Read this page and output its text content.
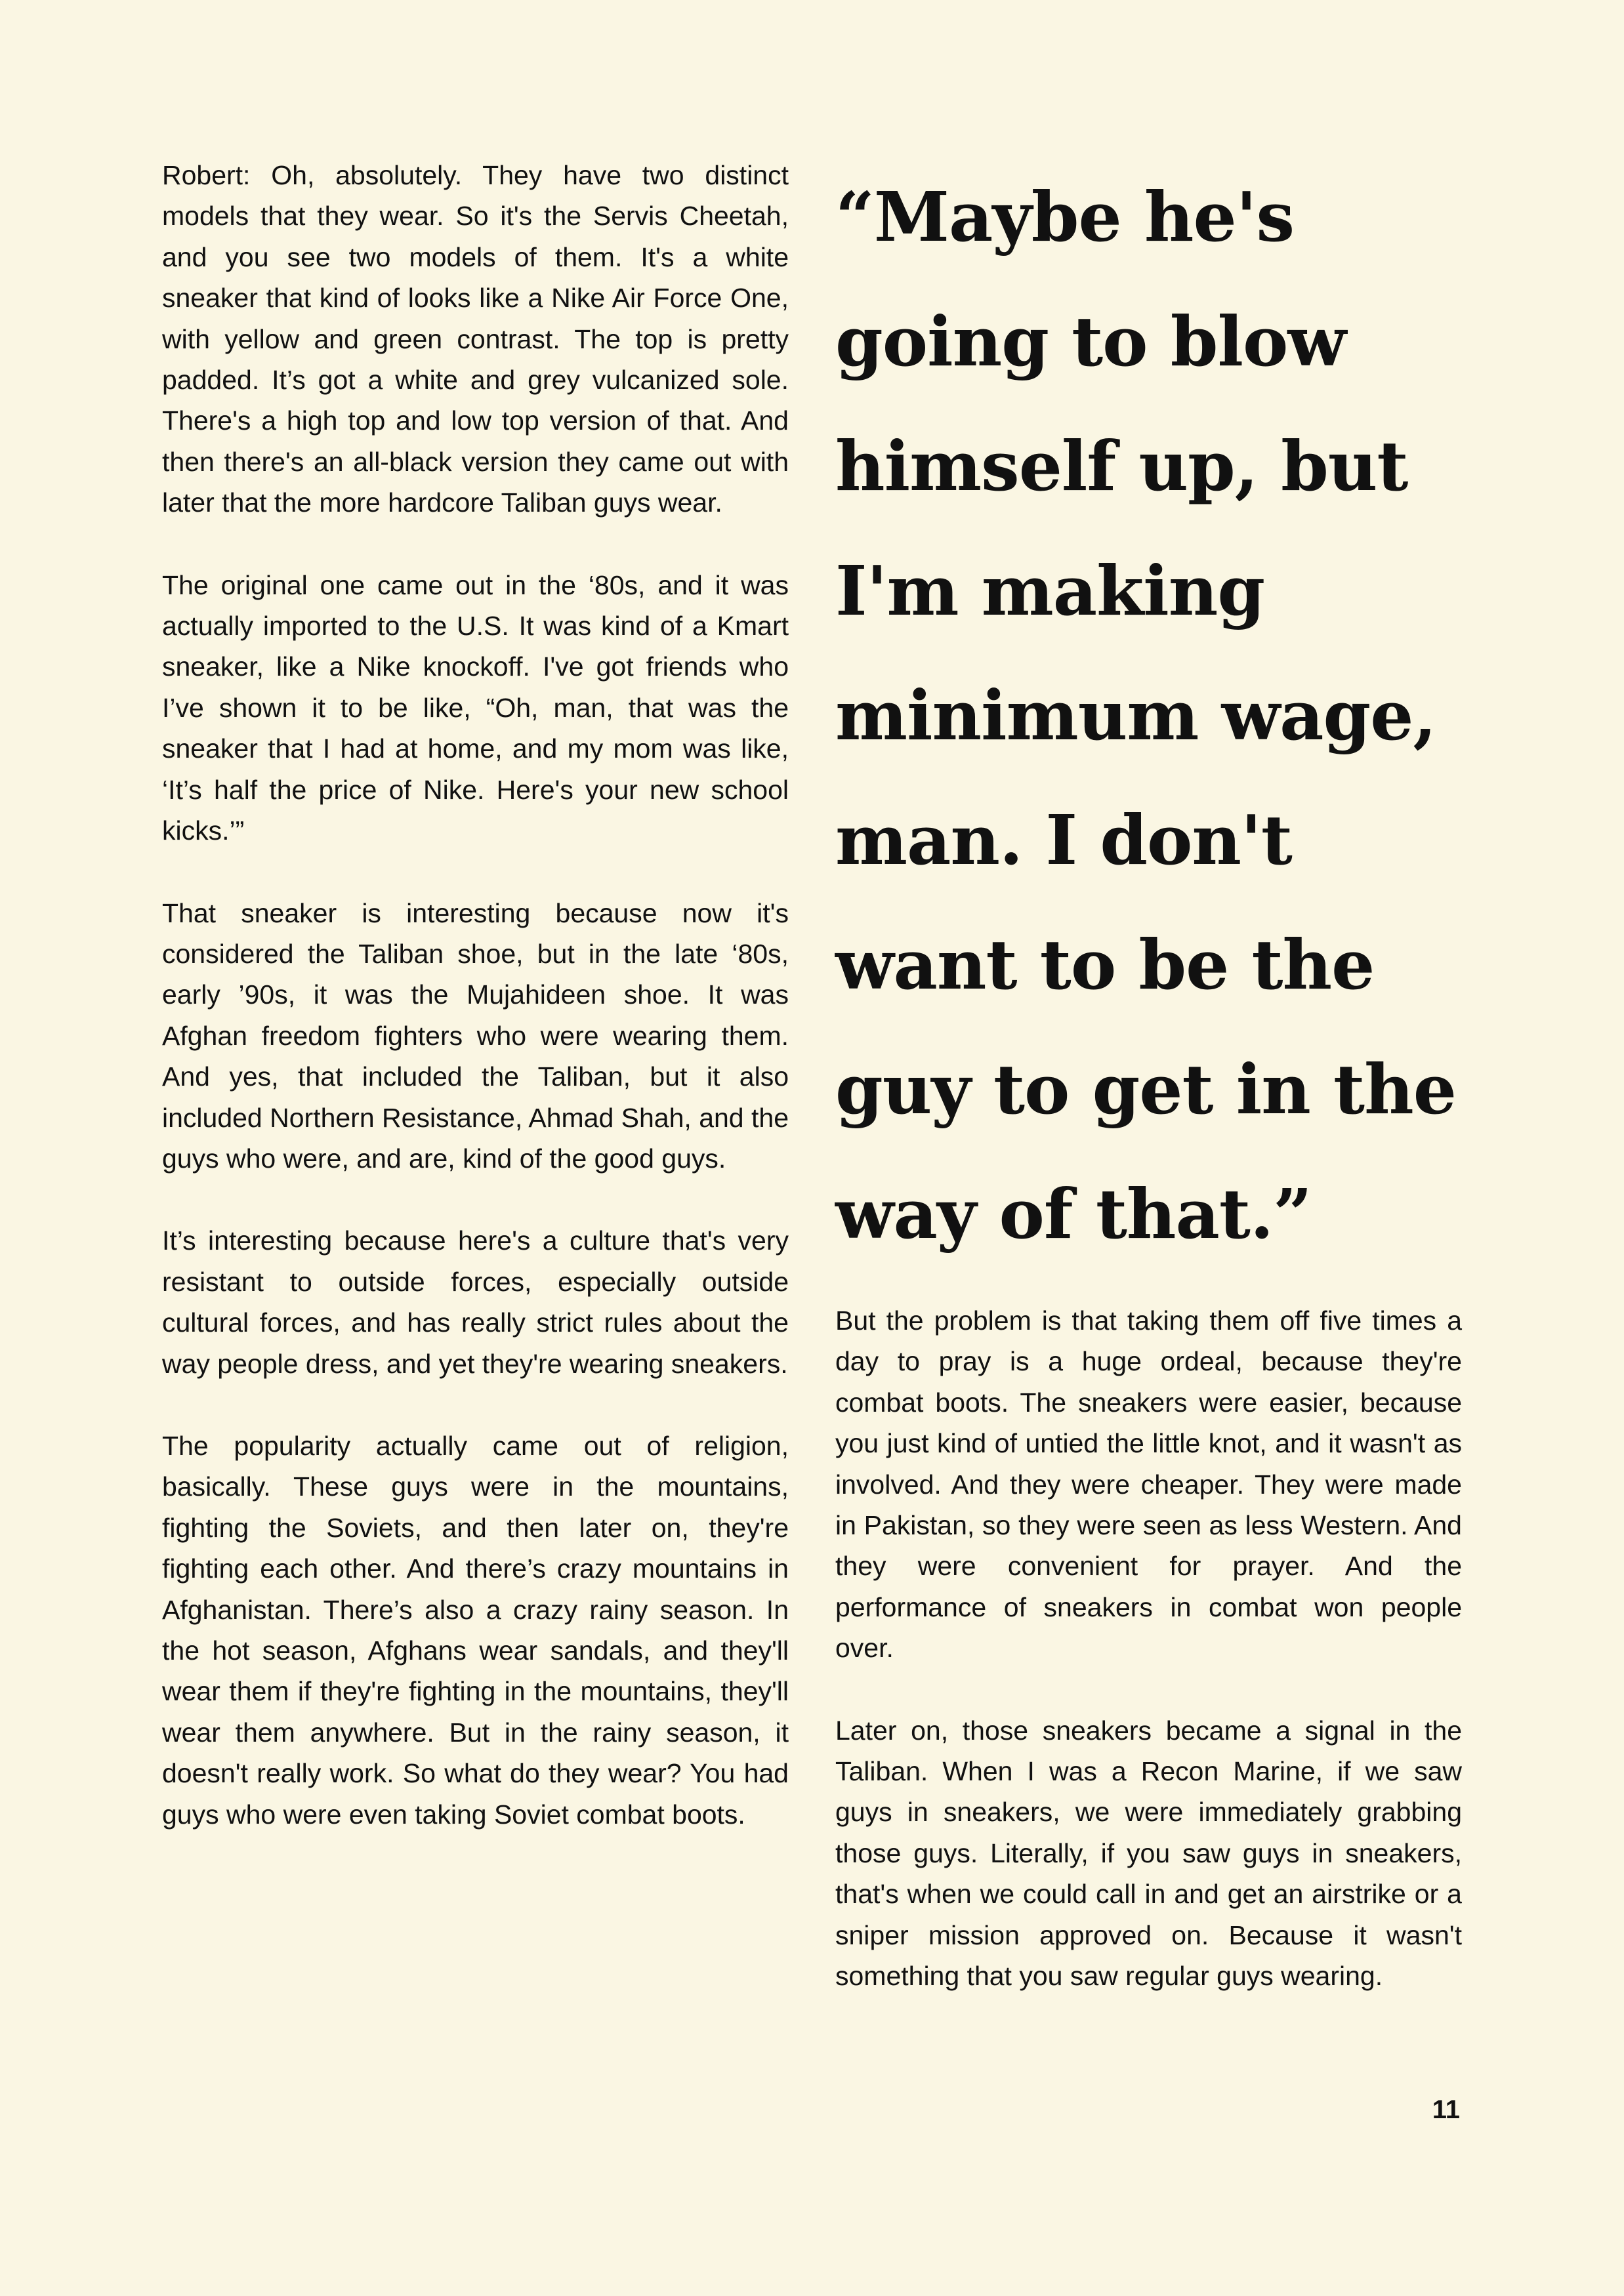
Robert: Oh, absolutely. They have two distinct models that they wear. So it's the Servis Cheetah, and you see two models of them. It's a white sneaker that kind of looks like a Nike Air Force One, with yellow and green contrast. The top is pretty padded. It’s got a white and grey vulcanized sole. There's a high top and low top version of that. And then there's an all-black version they came out with later that the more hardcore Taliban guys wear.

The original one came out in the ‘80s, and it was actually imported to the U.S. It was kind of a Kmart sneaker, like a Nike knockoff. I've got friends who I’ve shown it to be like, “Oh, man, that was the sneaker that I had at home, and my mom was like, ‘It’s half the price of Nike. Here's your new school kicks.’”

That sneaker is interesting because now it's considered the Taliban shoe, but in the late ‘80s, early ’90s, it was the Mujahideen shoe. It was Afghan freedom fighters who were wearing them. And yes, that included the Taliban, but it also included Northern Resistance, Ahmad Shah, and the guys who were, and are, kind of the good guys.

It’s interesting because here's a culture that's very resistant to outside forces, especially outside cultural forces, and has really strict rules about the way people dress, and yet they're wearing sneakers.

The popularity actually came out of religion, basically. These guys were in the mountains, fighting the Soviets, and then later on, they're fighting each other. And there’s crazy mountains in Afghanistan. There’s also a crazy rainy season. In the hot season, Afghans wear sandals, and they'll wear them if they're fighting in the mountains, they'll wear them anywhere. But in the rainy season, it doesn't really work. So what do they wear? You had guys who were even taking Soviet combat boots.

“Maybe he's going to blow himself up, but I'm making minimum wage, man. I don't want to be the guy to get in the way of that.”

But the problem is that taking them off five times a day to pray is a huge ordeal, because they're combat boots. The sneakers were easier, because you just kind of untied the little knot, and it wasn't as involved. And they were cheaper. They were made in Pakistan, so they were seen as less Western. And they were convenient for prayer. And the performance of sneakers in combat won people over.

Later on, those sneakers became a signal in the Taliban. When I was a Recon Marine, if we saw guys in sneakers, we were immediately grabbing those guys. Literally, if you saw guys in sneakers, that's when we could call in and get an airstrike or a sniper mission approved on. Because it wasn't something that you saw regular guys wearing.

11
